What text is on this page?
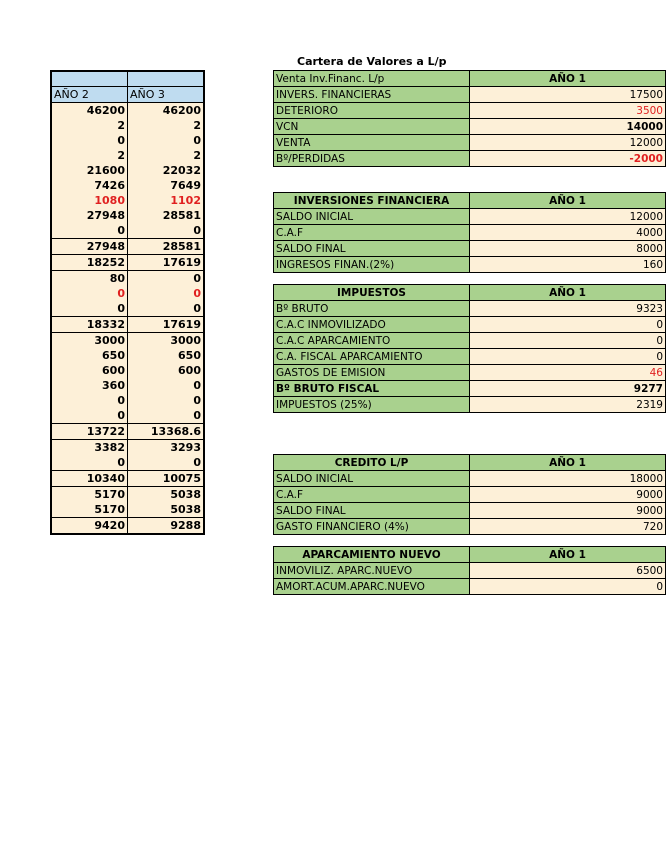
Cartera de Valores a L/p

AÑO 2	AÑO 3
46200	46200
2	2
0	0
2	2
21600	22032
7426	7649
1080	1102
27948	28581
0	0
27948	28581
18252	17619
80	0
0	0
0	0
18332	17619
3000	3000
650	650
600	600
360	0
0	0
0	0
13722	13368.6
3382	3293
0	0
10340	10075
5170	5038
5170	5038
9420	9288
Venta Inv.Financ. L/p	AÑO 1
INVERS. FINANCIERAS	17500
DETERIORO	3500
VCN	14000
VENTA	12000
Bº/PERDIDAS	-2000
INVERSIONES FINANCIERA	AÑO 1
SALDO INICIAL	12000
C.A.F	4000
SALDO FINAL	8000
INGRESOS FINAN.(2%)	160
IMPUESTOS	AÑO 1
Bº BRUTO	9323
C.A.C INMOVILIZADO	0
C.A.C APARCAMIENTO	0
C.A. FISCAL APARCAMIENTO	0
GASTOS DE EMISION	46
Bº BRUTO FISCAL	9277
IMPUESTOS (25%)	2319
CREDITO L/P	AÑO 1
SALDO INICIAL	18000
C.A.F	9000
SALDO FINAL	9000
GASTO FINANCIERO (4%)	720
APARCAMIENTO NUEVO	AÑO 1
INMOVILIZ. APARC.NUEVO	6500
AMORT.ACUM.APARC.NUEVO	0
